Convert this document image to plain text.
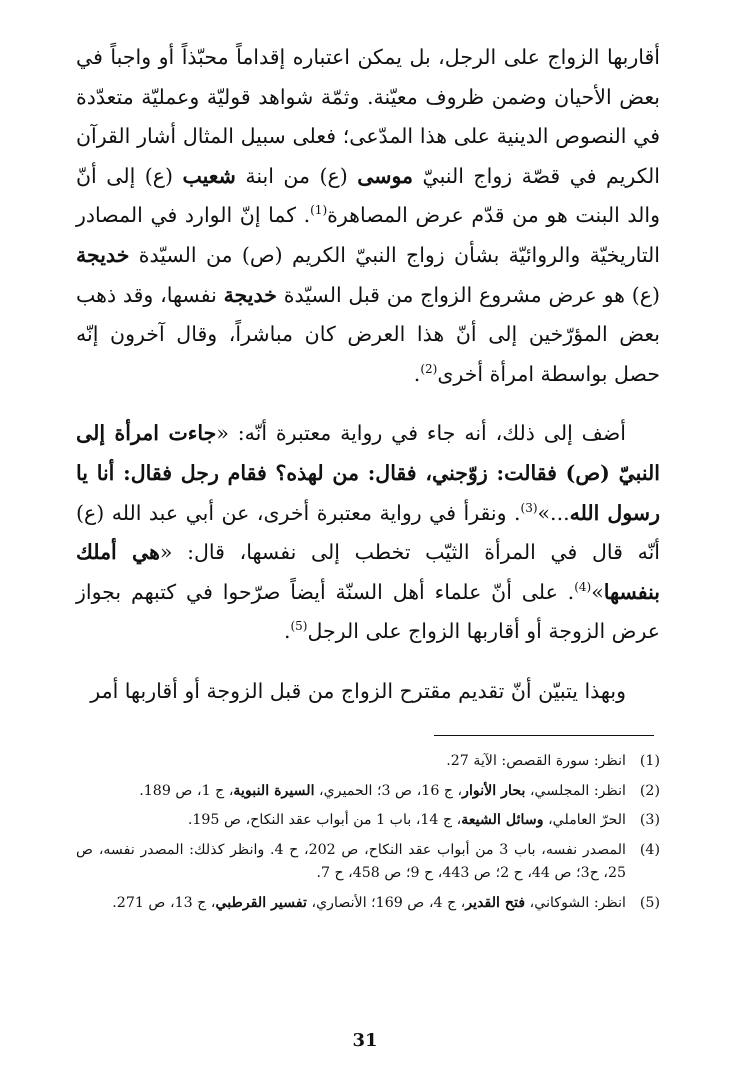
أقاربها الزواج على الرجل، بل يمكن اعتباره إقداماً محبّذاً أو واجباً في بعض الأحيان وضمن ظروف معيّنة. وثمّة شواهد قوليّة وعمليّة متعدّدة في النصوص الدينية على هذا المدّعى؛ فعلى سبيل المثال أشار القرآن الكريم في قصّة زواج النبيّ موسى (ع) من ابنة شعيب (ع) إلى أنّ والد البنت هو من قدّم عرض المصاهرة$^{(1)}$. كما إنّ الوارد في المصادر التاريخيّة والروائيّة بشأن زواج النبيّ الكريم (ص) من السيّدة خديجة (ع) هو عرض مشروع الزواج من قبل السيّدة خديجة نفسها، وقد ذهب بعض المؤرّخين إلى أنّ هذا العرض كان مباشراً، وقال آخرون إنّه حصل بواسطة امرأة أخرى$^{(2)}$.

أضف إلى ذلك، أنه جاء في رواية معتبرة أنّه: «جاءت امرأة إلى النبيّ (ص) فقالت: زوّجني، فقال: من لهذه؟ فقام رجل فقال: أنا يا رسول الله...»$^{(3)}$. ونقرأ في رواية معتبرة أخرى، عن أبي عبد الله (ع) أنّه قال في المرأة الثيّب تخطب إلى نفسها، قال: «هي أملك بنفسها»$^{(4)}$. على أنّ علماء أهل السنّة أيضاً صرّحوا في كتبهم بجواز عرض الزوجة أو أقاربها الزواج على الرجل$^{(5)}$.

وبهذا يتبيّن أنّ تقديم مقترح الزواج من قبل الزوجة أو أقاربها أمر

(1)
انظر: سورة القصص: الآية 27.

(2)
انظر: المجلسي، بحار الأنوار، ج 16، ص 3؛ الحميري، السيرة النبوية، ج 1، ص 189.

(3)
الحرّ العاملي، وسائل الشيعة، ج 14، باب 1 من أبواب عقد النكاح، ص 195.

(4)
المصدر نفسه، باب 3 من أبواب عقد النكاح، ص 202، ح 4. وانظر كذلك: المصدر نفسه، ص 25، ح3؛ ص 44، ح 2؛ ص 443، ح 9؛ ص 458، ح 7.

(5)
انظر: الشوكاني، فتح القدير، ج 4، ص 169؛ الأنصاري، تفسير القرطبي، ج 13، ص 271.

31
